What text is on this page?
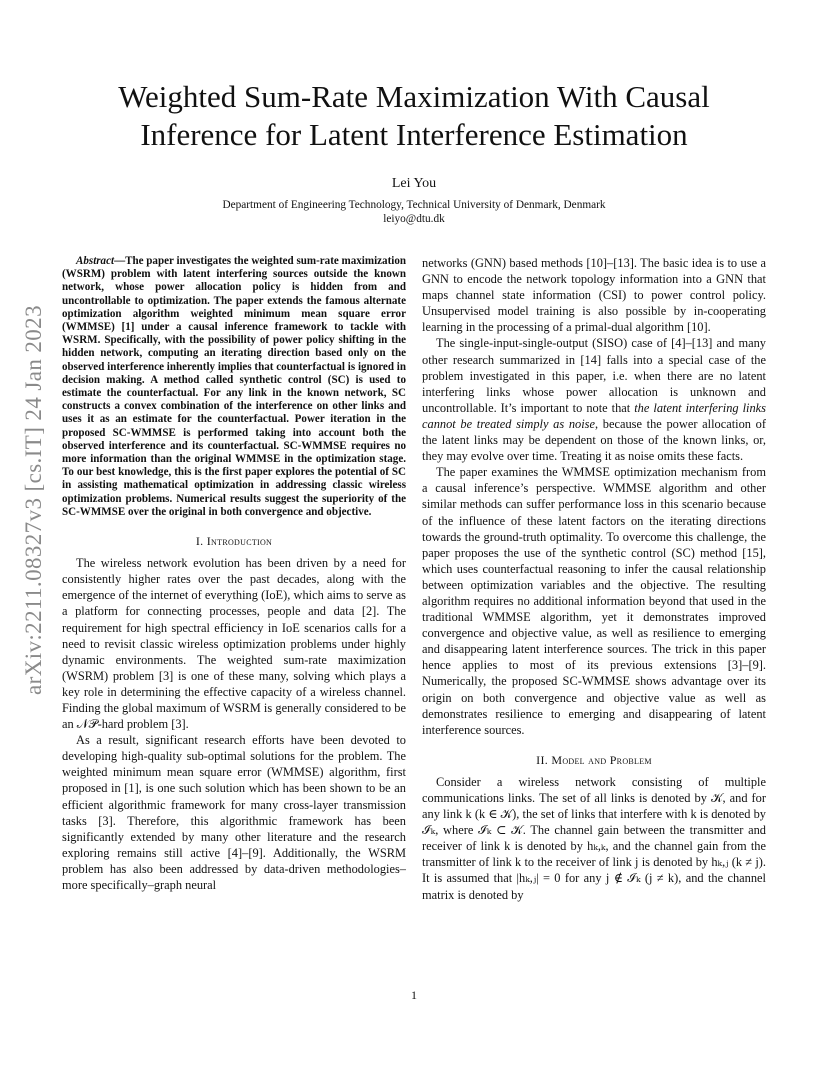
arXiv:2211.08327v3 [cs.IT] 24 Jan 2023
Weighted Sum-Rate Maximization With Causal
Inference for Latent Interference Estimation
Lei You
Department of Engineering Technology, Technical University of Denmark, Denmark
leiyo@dtu.dk

Abstract—The paper investigates the weighted sum-rate maximization (WSRM) problem with latent interfering sources outside the known network, whose power allocation policy is hidden from and uncontrollable to optimization. The paper extends the famous alternate optimization algorithm weighted minimum mean square error (WMMSE) [1] under a causal inference framework to tackle with WSRM. Specifically, with the possibility of power policy shifting in the hidden network, computing an iterating direction based only on the observed interference inherently implies that counterfactual is ignored in decision making. A method called synthetic control (SC) is used to estimate the counterfactual. For any link in the known network, SC constructs a convex combination of the interference on other links and uses it as an estimate for the counterfactual. Power iteration in the proposed SC-WMMSE is performed taking into account both the observed interference and its counterfactual. SC-WMMSE requires no more information than the original WMMSE in the optimization stage. To our best knowledge, this is the first paper explores the potential of SC in assisting mathematical optimization in addressing classic wireless optimization problems. Numerical results suggest the superiority of the SC-WMMSE over the original in both convergence and objective.

I. Introduction

The wireless network evolution has been driven by a need for consistently higher rates over the past decades, along with the emergence of the internet of everything (IoE), which aims to serve as a platform for connecting processes, people and data [2]. The requirement for high spectral efficiency in IoE scenarios calls for a need to revisit classic wireless optimization problems under highly dynamic environments. The weighted sum-rate maximization (WSRM) problem [3] is one of these many, solving which plays a key role in determining the effective capacity of a wireless channel. Finding the global maximum of WSRM is generally considered to be an 𝒩𝒫-hard problem [3].

As a result, significant research efforts have been devoted to developing high-quality sub-optimal solutions for the problem. The weighted minimum mean square error (WMMSE) algorithm, first proposed in [1], is one such solution which has been shown to be an efficient algorithmic framework for many cross-layer transmission tasks [3]. Therefore, this algorithmic framework has been significantly extended by many other literature and the research exploring remains still active [4]–[9]. Additionally, the WSRM problem has also been addressed by data-driven methodologies–more specifically–graph neural

networks (GNN) based methods [10]–[13]. The basic idea is to use a GNN to encode the network topology information into a GNN that maps channel state information (CSI) to power control policy. Unsupervised model training is also possible by in-cooperating learning in the processing of a primal-dual algorithm [10].

The single-input-single-output (SISO) case of [4]–[13] and many other research summarized in [14] falls into a special case of the problem investigated in this paper, i.e. when there are no latent interfering links whose power allocation is unknown and uncontrollable. It’s important to note that the latent interfering links cannot be treated simply as noise, because the power allocation of the latent links may be dependent on those of the known links, or, they may evolve over time. Treating it as noise omits these facts.

The paper examines the WMMSE optimization mechanism from a causal inference’s perspective. WMMSE algorithm and other similar methods can suffer performance loss in this scenario because of the influence of these latent factors on the iterating directions towards the ground-truth optimality. To overcome this challenge, the paper proposes the use of the synthetic control (SC) method [15], which uses counterfactual reasoning to infer the causal relationship between optimization variables and the objective. The resulting algorithm requires no additional information beyond that used in the traditional WMMSE algorithm, yet it demonstrates improved convergence and objective value, as well as resilience to emerging and disappearing latent interference sources. The trick in this paper hence applies to most of its previous extensions [3]–[9]. Numerically, the proposed SC-WMMSE shows advantage over its origin on both convergence and objective value as well as demonstrates resilience to emerging and disappearing of latent interference sources.

II. Model and Problem

Consider a wireless network consisting of multiple communications links. The set of all links is denoted by 𝒦, and for any link k (k ∈ 𝒦), the set of links that interfere with k is denoted by ℐₖ, where ℐₖ ⊂ 𝒦. The channel gain between the transmitter and receiver of link k is denoted by hₖ,ₖ, and the channel gain from the transmitter of link k to the receiver of link j is denoted by hₖ,ⱼ (k ≠ j). It is assumed that |hₖ,ⱼ| = 0 for any j ∉ ℐₖ (j ≠ k), and the channel matrix is denoted by

1
